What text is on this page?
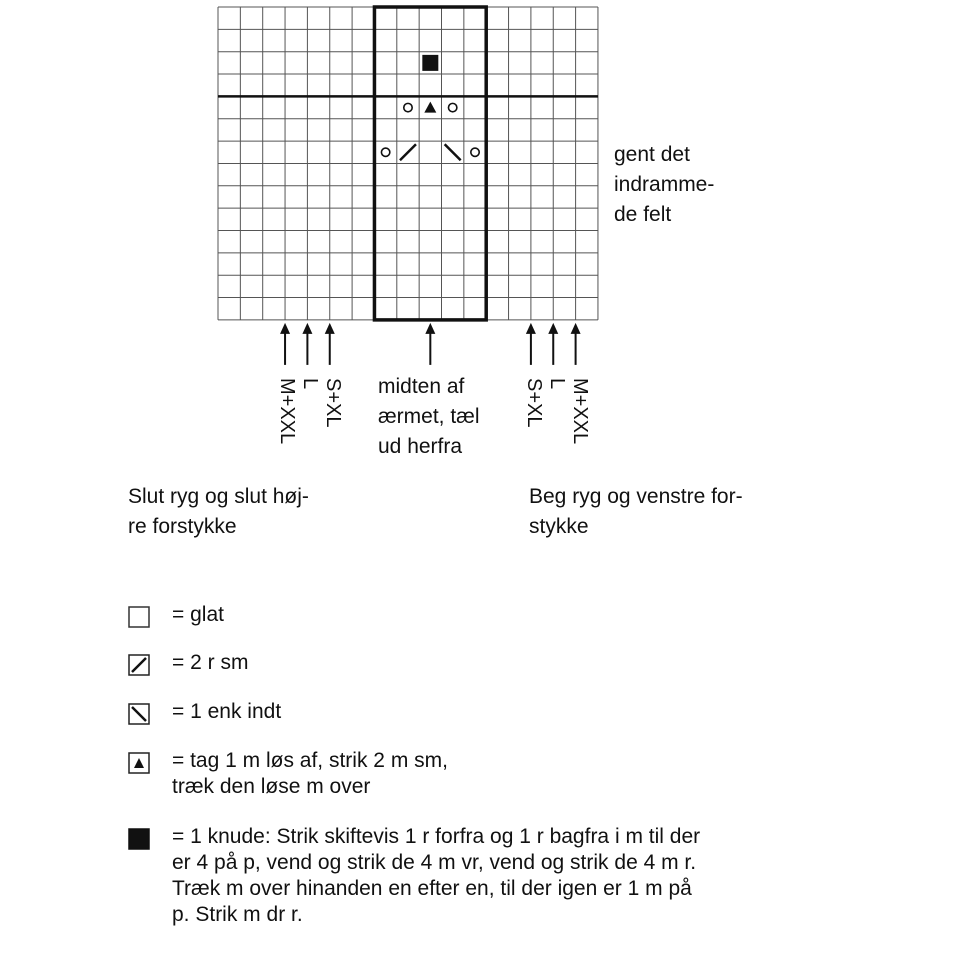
gent det
indramme-
de felt
midten af
ærmet, tæl
ud herfra
M+XXL L S+XL	S+XL L M+XXL
Slut ryg og slut høj-
re forstykke
Beg ryg og venstre for-
stykke
= glat
= 2 r sm
= 1 enk indt
= tag 1 m løs af, strik 2 m sm,
træk den løse m over
= 1 knude: Strik skiftevis 1 r forfra og 1 r bagfra i m til der
er 4 på p, vend og strik de 4 m vr, vend og strik de 4 m r.
Træk m over hinanden en efter en, til der igen er 1 m på
p. Strik m dr r.
